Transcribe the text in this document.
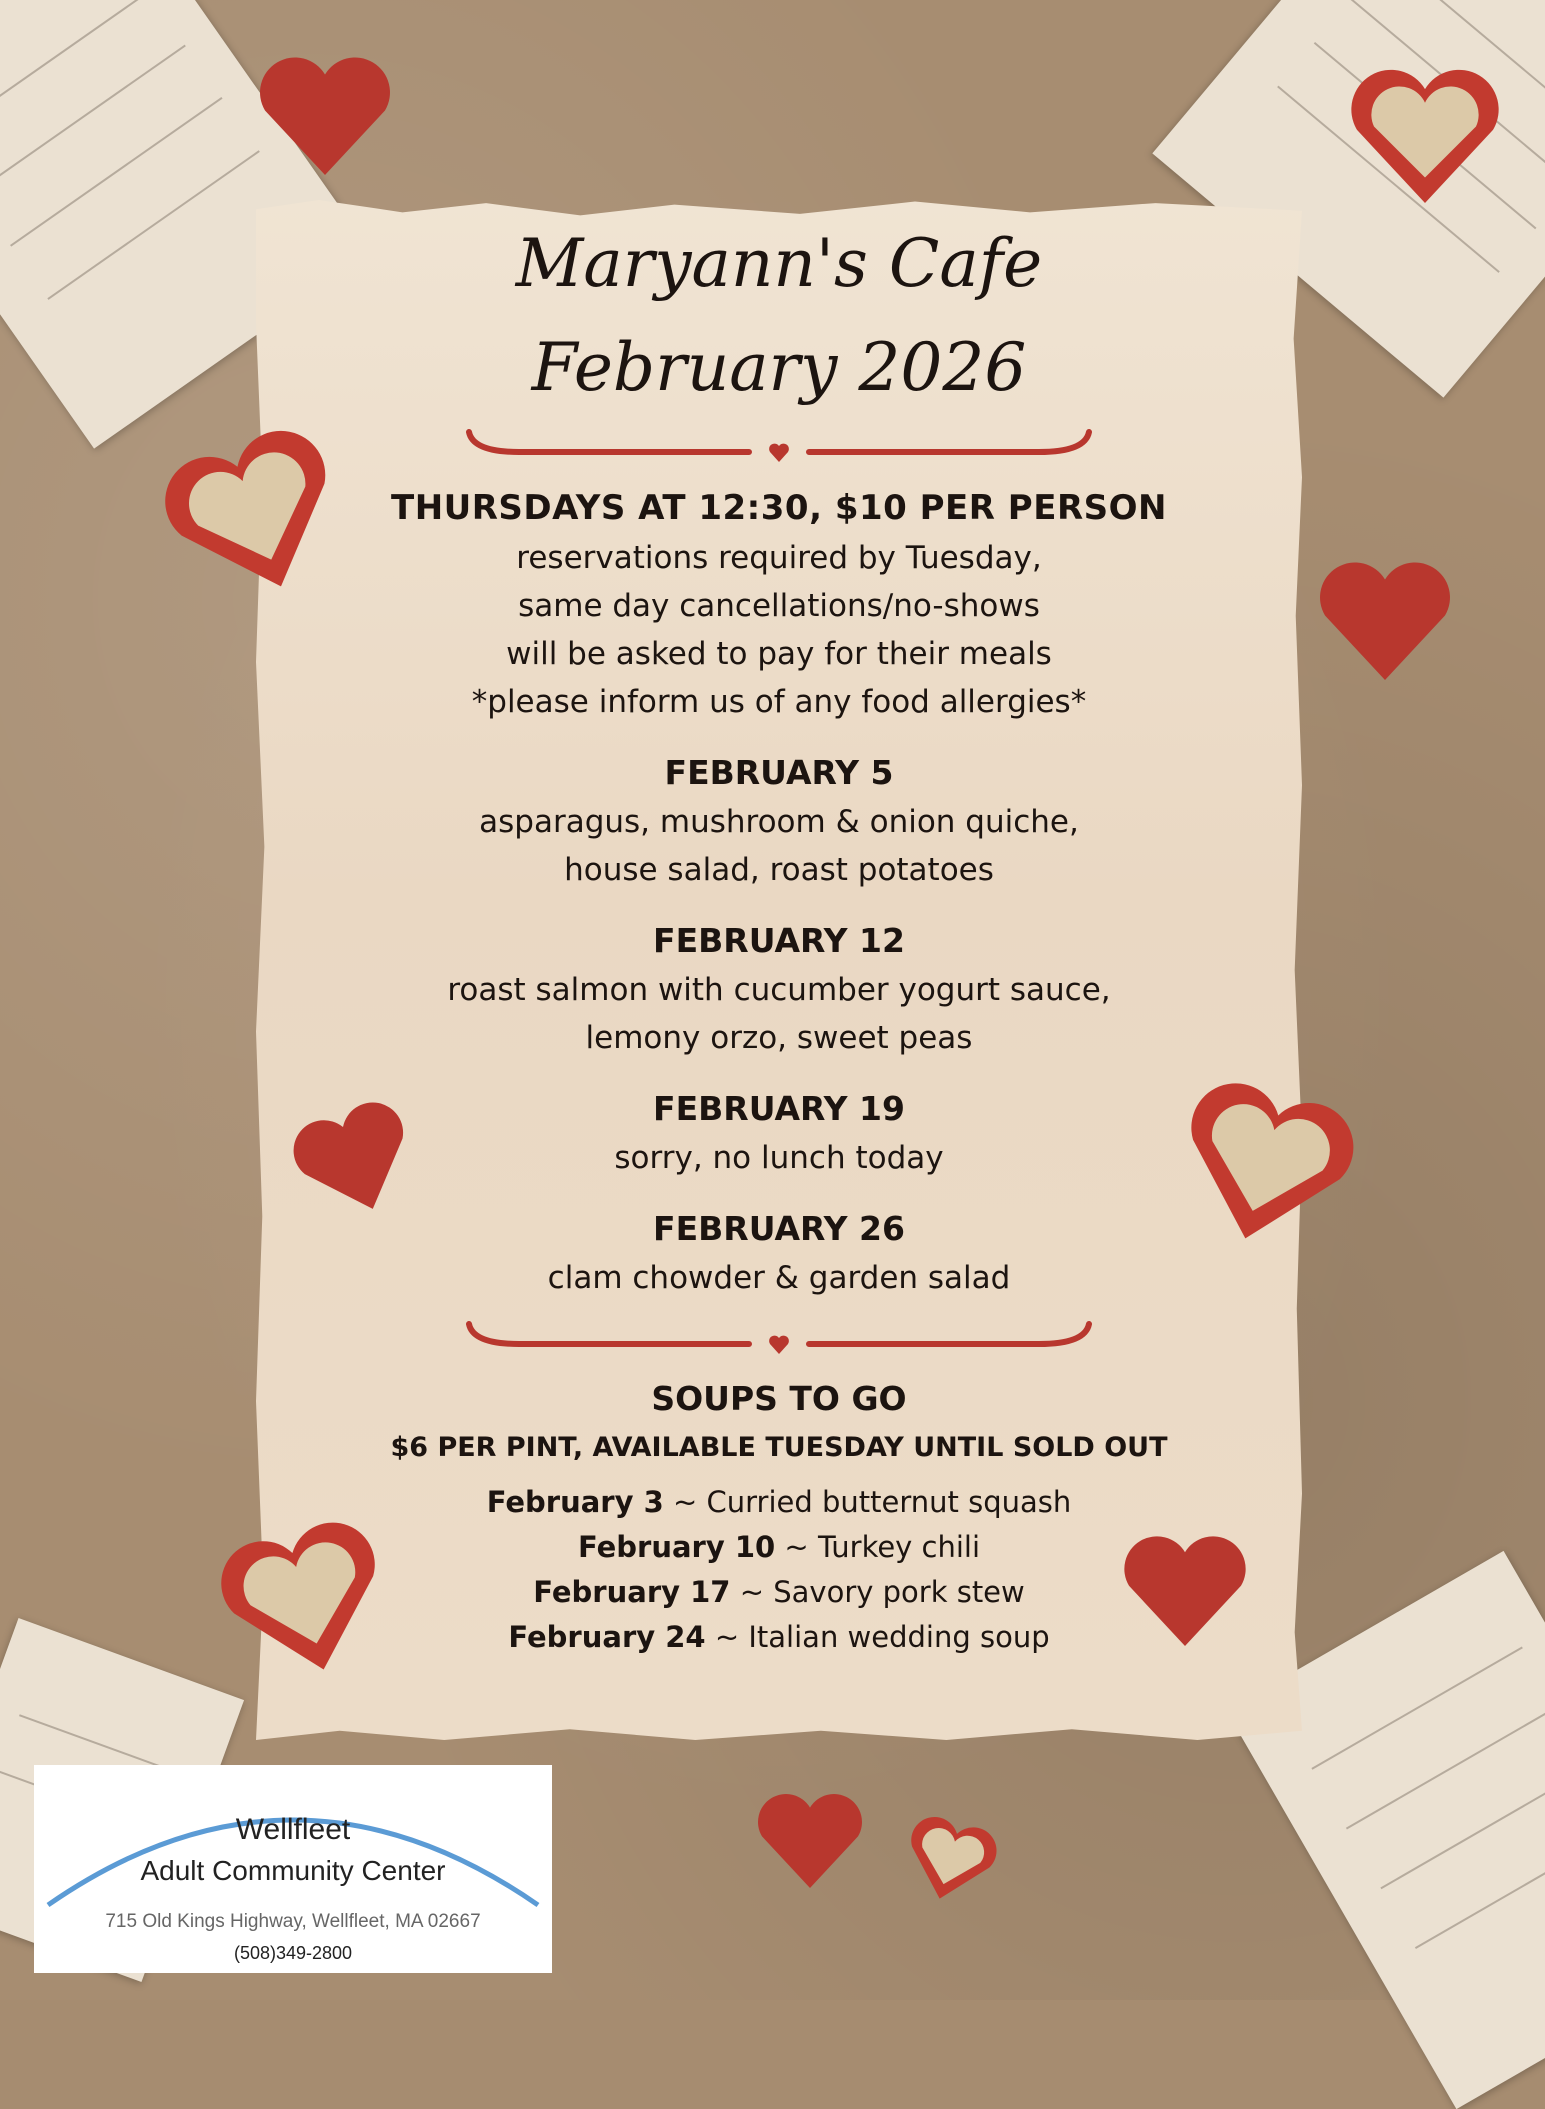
Maryann's Cafe
February 2026
THURSDAYS AT 12:30, $10 PER PERSON
reservations required by Tuesday,
same day cancellations/no-shows
will be asked to pay for their meals
*please inform us of any food allergies*
FEBRUARY 5
asparagus, mushroom & onion quiche,
house salad, roast potatoes
FEBRUARY 12
roast salmon with cucumber yogurt sauce,
lemony orzo, sweet peas
FEBRUARY 19
sorry, no lunch today
FEBRUARY 26
clam chowder & garden salad
SOUPS TO GO
$6 PER PINT, AVAILABLE TUESDAY UNTIL SOLD OUT
February 3 ~ Curried butternut squash
February 10 ~ Turkey chili
February 17 ~ Savory pork stew
February 24 ~ Italian wedding soup
Wellfleet
Adult Community Center
715 Old Kings Highway, Wellfleet, MA 02667
(508)349-2800
